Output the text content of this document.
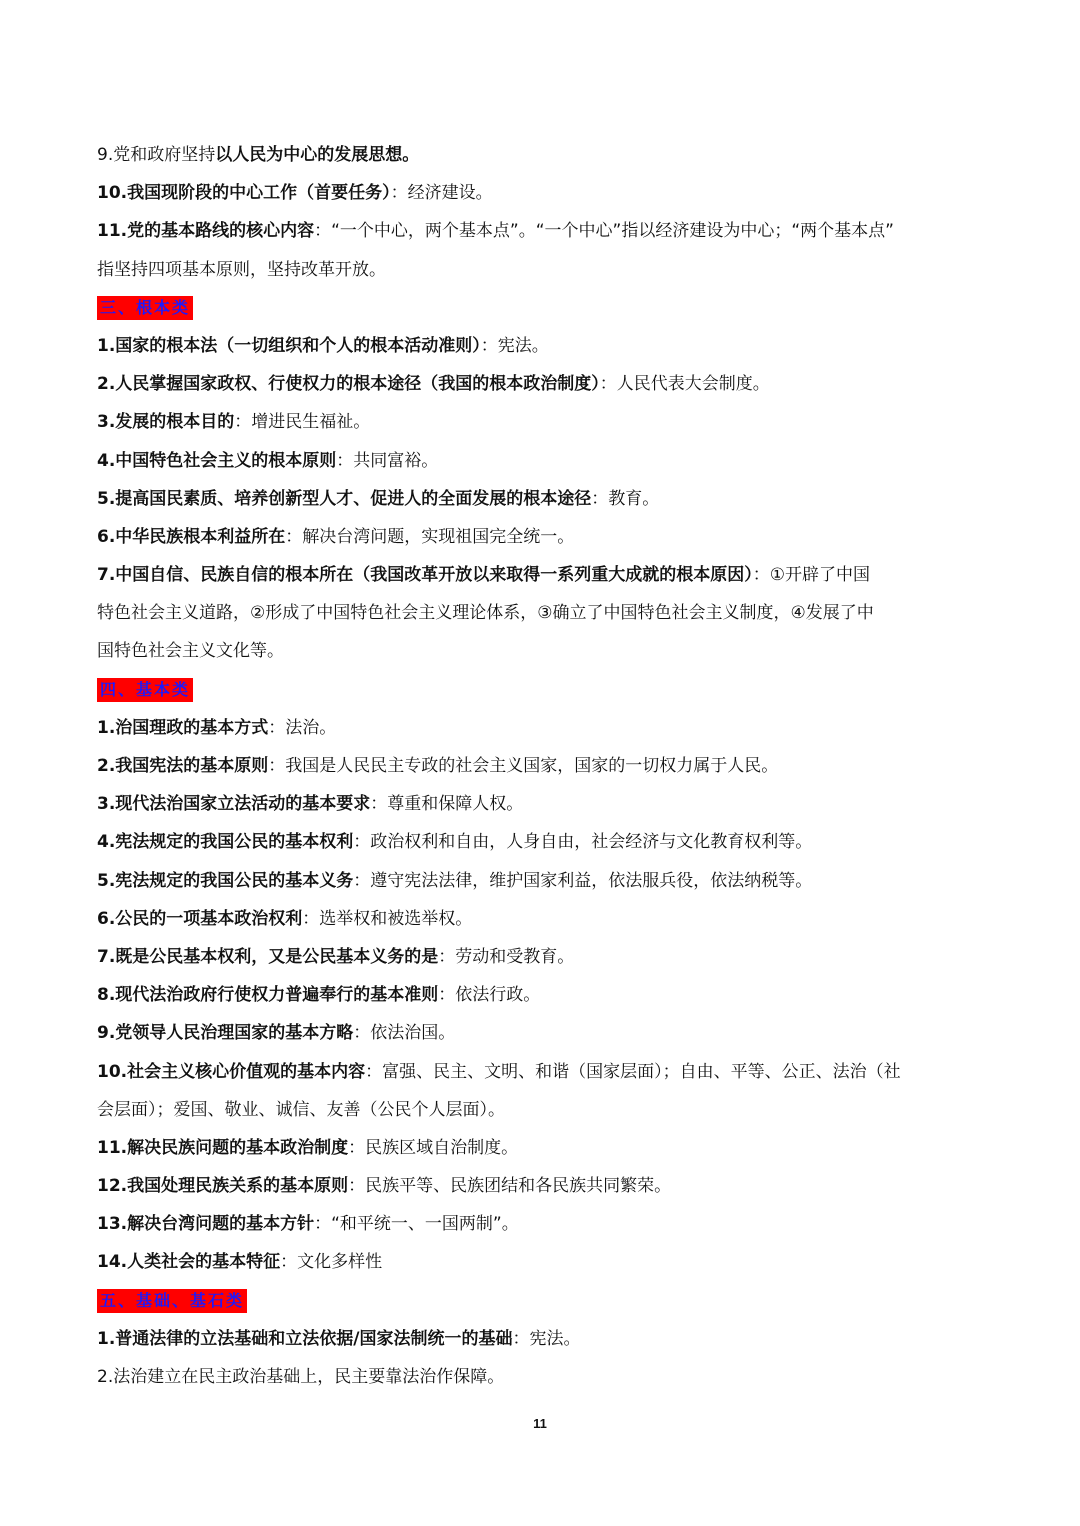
9.党和政府坚持以人民为中心的发展思想。
10.我国现阶段的中心工作（首要任务）：经济建设。
11.党的基本路线的核心内容：“一个中心，两个基本点”。“一个中心”指以经济建设为中心；“两个基本点”
指坚持四项基本原则，坚持改革开放。
三、根本类
1.国家的根本法（一切组织和个人的根本活动准则）：宪法。
2.人民掌握国家政权、行使权力的根本途径（我国的根本政治制度）：人民代表大会制度。
3.发展的根本目的：增进民生福祉。
4.中国特色社会主义的根本原则：共同富裕。
5.提高国民素质、培养创新型人才、促进人的全面发展的根本途径：教育。
6.中华民族根本利益所在：解决台湾问题，实现祖国完全统一。
7.中国自信、民族自信的根本所在（我国改革开放以来取得一系列重大成就的根本原因）：①开辟了中国
特色社会主义道路，②形成了中国特色社会主义理论体系，③确立了中国特色社会主义制度，④发展了中
国特色社会主义文化等。
四、基本类
1.治国理政的基本方式：法治。
2.我国宪法的基本原则：我国是人民民主专政的社会主义国家，国家的一切权力属于人民。
3.现代法治国家立法活动的基本要求：尊重和保障人权。
4.宪法规定的我国公民的基本权利：政治权利和自由，人身自由，社会经济与文化教育权利等。
5.宪法规定的我国公民的基本义务：遵守宪法法律，维护国家利益，依法服兵役，依法纳税等。
6.公民的一项基本政治权利：选举权和被选举权。
7.既是公民基本权利，又是公民基本义务的是：劳动和受教育。
8.现代法治政府行使权力普遍奉行的基本准则：依法行政。
9.党领导人民治理国家的基本方略：依法治国。
10.社会主义核心价值观的基本内容：富强、民主、文明、和谐（国家层面）；自由、平等、公正、法治（社
会层面）；爱国、敬业、诚信、友善（公民个人层面）。
11.解决民族问题的基本政治制度：民族区域自治制度。
12.我国处理民族关系的基本原则：民族平等、民族团结和各民族共同繁荣。
13.解决台湾问题的基本方针：“和平统一、一国两制”。
14.人类社会的基本特征：文化多样性
五、基础、基石类
1.普通法律的立法基础和立法依据/国家法制统一的基础：宪法。
2.法治建立在民主政治基础上，民主要靠法治作保障。
11
